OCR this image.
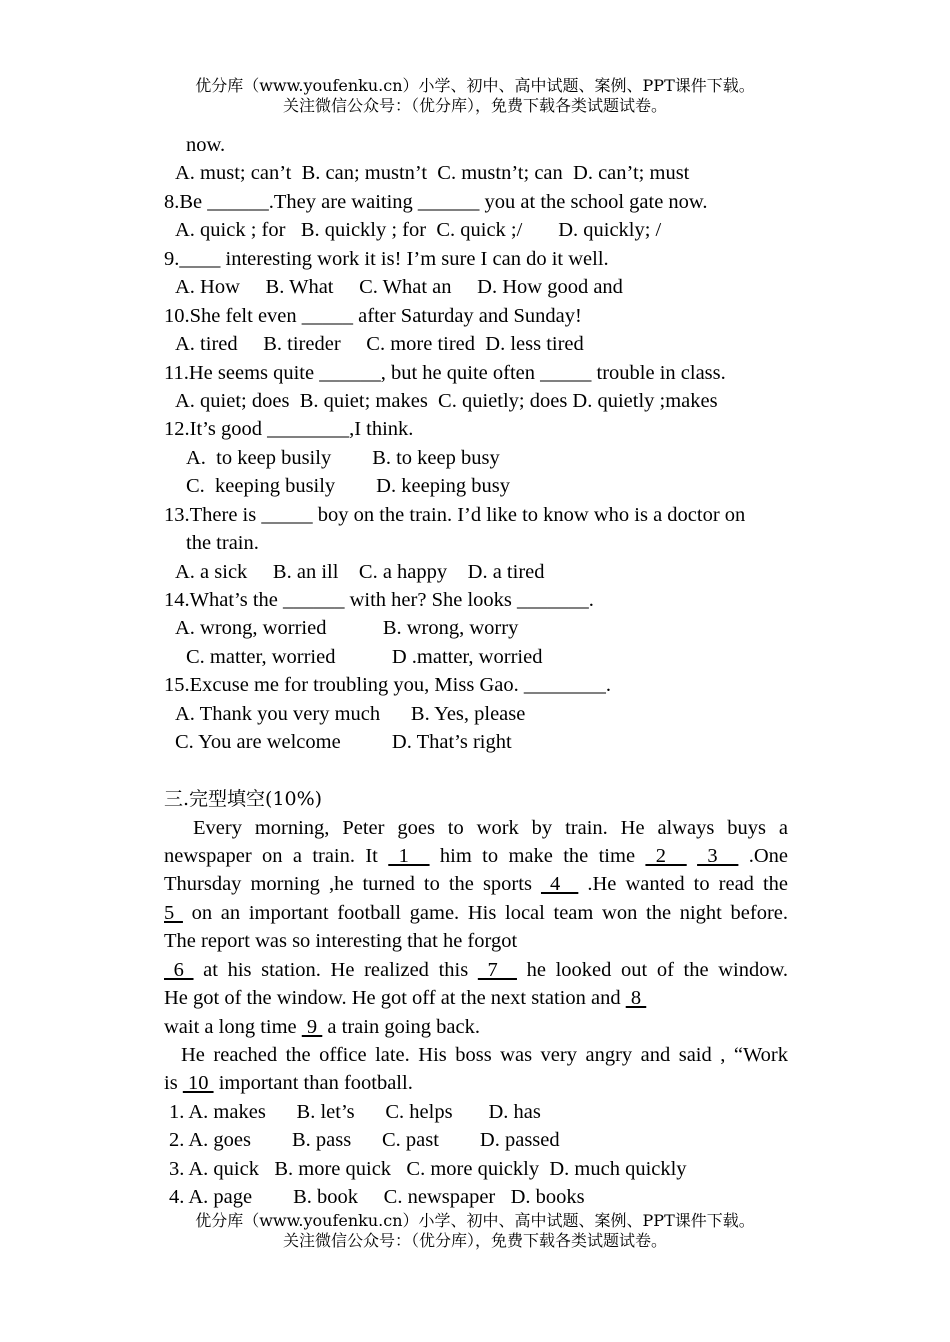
优分库（www.youfenku.cn）小学、初中、高中试题、案例、PPT课件下载。
关注微信公众号：（优分库），免费下载各类试题试卷。
now.
A. must; can’t  B. can; mustn’t  C. mustn’t; can  D. can’t; must
8.Be ______.They are waiting ______ you at the school gate now.
A. quick ; for   B. quickly ; for  C. quick ;/       D. quickly; /
9.____ interesting work it is! I’m sure I can do it well.
A. How     B. What     C. What an     D. How good and
10.She felt even _____ after Saturday and Sunday!
A. tired     B. tireder     C. more tired  D. less tired
11.He seems quite ______, but he quite often _____ trouble in class.
A. quiet; does  B. quiet; makes  C. quietly; does D. quietly ;makes
12.It’s good ________,I think.
A.  to keep busily        B. to keep busy
C.  keeping busily        D. keeping busy
13.There is _____ boy on the train. I’d like to know who is a doctor on
the train.
A. a sick     B. an ill    C. a happy    D. a tired
14.What’s the ______ with her? She looks _______.
A. wrong, worried           B. wrong, worry
C. matter, worried           D .matter, worried
15.Excuse me for troubling you, Miss Gao. ________.
A. Thank you very much      B. Yes, please
C. You are welcome          D. That’s right
三.完型填空(10%)
Every morning, Peter goes to work by train. He always buys a
newspaper on a train. It  1   him to make the time  2    3   .One
Thursday morning ,he turned to the sports  4   .He wanted to read the
5  on an important football game. His local team won the night before.
The report was so interesting that he forgot
6  at his station. He realized this  7   he looked out of the window.
He got of the window. He got off at the next station and  8
wait a long time  9  a train going back.
He reached the office late. His boss was very angry and said , “Work
is  10  important than football.
1. A. makes      B. let’s      C. helps       D. has
2. A. goes        B. pass      C. past        D. passed
3. A. quick   B. more quick   C. more quickly  D. much quickly
4. A. page        B. book     C. newspaper   D. books
优分库（www.youfenku.cn）小学、初中、高中试题、案例、PPT课件下载。
关注微信公众号：（优分库），免费下载各类试题试卷。
